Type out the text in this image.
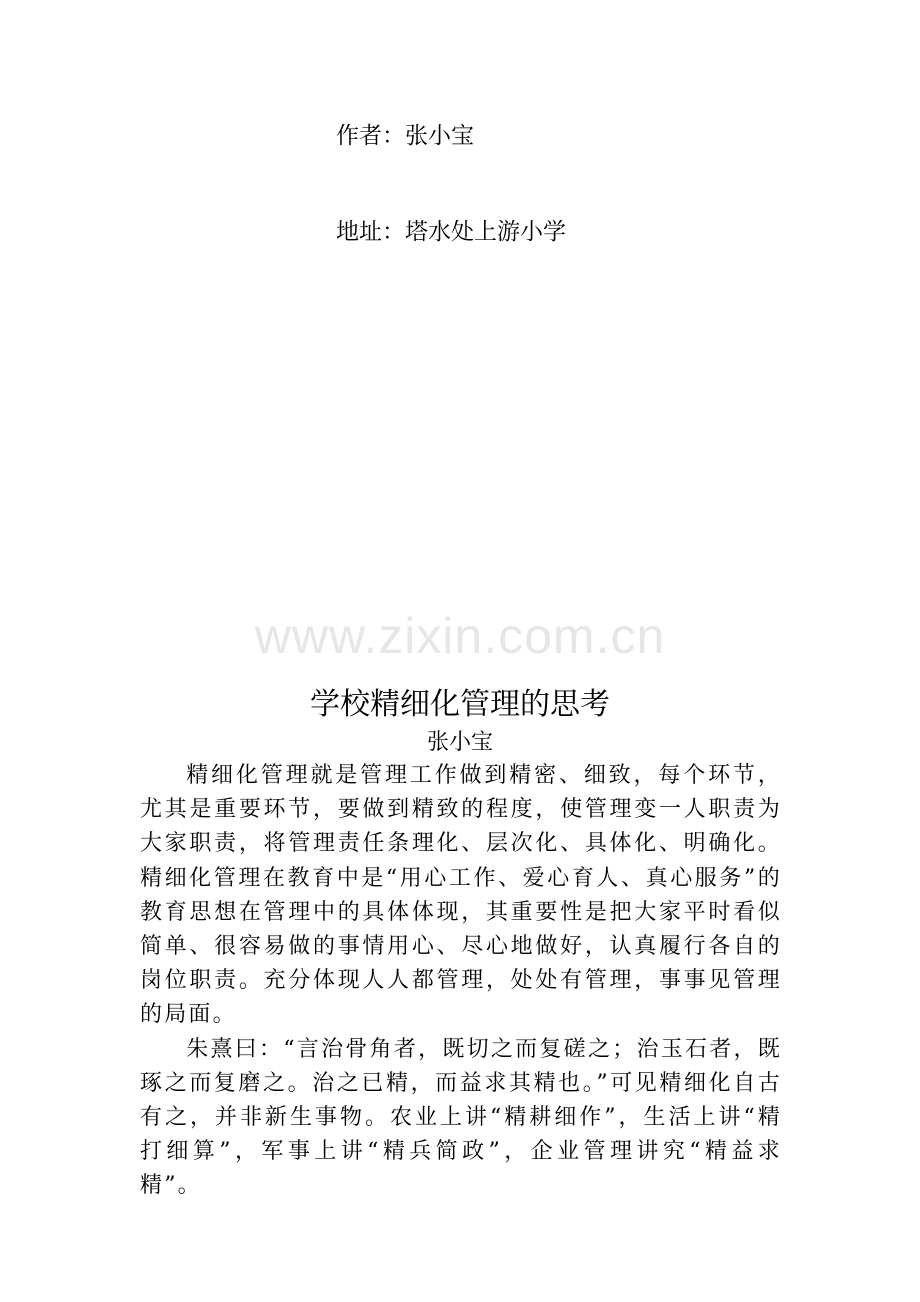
作者：张小宝
地址：塔水处上游小学
www.zixin.com.cn
学校精细化管理的思考
张小宝

精细化管理就是管理工作做到精密、细致，每个环节，尤其是重要环节，要做到精致的程度，使管理变一人职责为大家职责，将管理责任条理化、层次化、具体化、明确化。精细化管理在教育中是“用心工作、爱心育人、真心服务”的教育思想在管理中的具体体现，其重要性是把大家平时看似简单、很容易做的事情用心、尽心地做好，认真履行各自的岗位职责。充分体现人人都管理，处处有管理，事事见管理的局面。

朱熹曰：“言治骨角者，既切之而复磋之；治玉石者，既琢之而复磨之。治之已精，而益求其精也。”可见精细化自古有之，并非新生事物。农业上讲“精耕细作”，生活上讲“精打细算”，军事上讲“精兵简政”，企业管理讲究“精益求精”。
